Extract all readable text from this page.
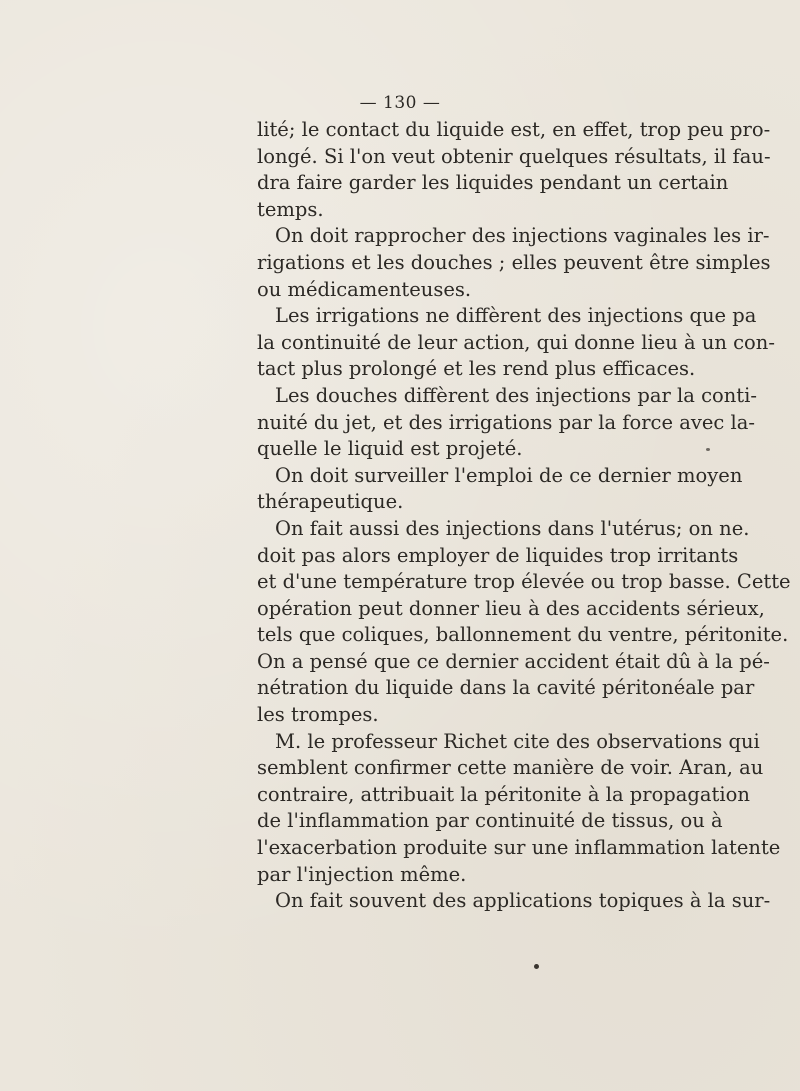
— 130 —
lité; le contact du liquide est, en effet, trop peu pro-
longé. Si l'on veut obtenir quelques résultats, il fau-
dra faire garder les liquides pendant un certain
temps.
On doit rapprocher des injections vaginales les ir-
rigations et les douches ; elles peuvent être simples
ou médicamenteuses.
Les irrigations ne diffèrent des injections que pa
la continuité de leur action, qui donne lieu à un con-
tact plus prolongé et les rend plus efficaces.
Les douches diffèrent des injections par la conti-
nuité du jet, et des irrigations par la force avec la-
quelle le liquid est projeté.
On doit surveiller l'emploi de ce dernier moyen
thérapeutique.
On fait aussi des injections dans l'utérus; on ne.
doit pas alors employer de liquides trop irritants
et d'une température trop élevée ou trop basse. Cette
opération peut donner lieu à des accidents sérieux,
tels que coliques, ballonnement du ventre, péritonite.
On a pensé que ce dernier accident était dû à la pé-
nétration du liquide dans la cavité péritonéale par
les trompes.
M. le professeur Richet cite des observations qui
semblent confirmer cette manière de voir. Aran, au
contraire, attribuait la péritonite à la propagation
de l'inflammation par continuité de tissus, ou à
l'exacerbation produite sur une inflammation latente
par l'injection même.
On fait souvent des applications topiques à la sur-
